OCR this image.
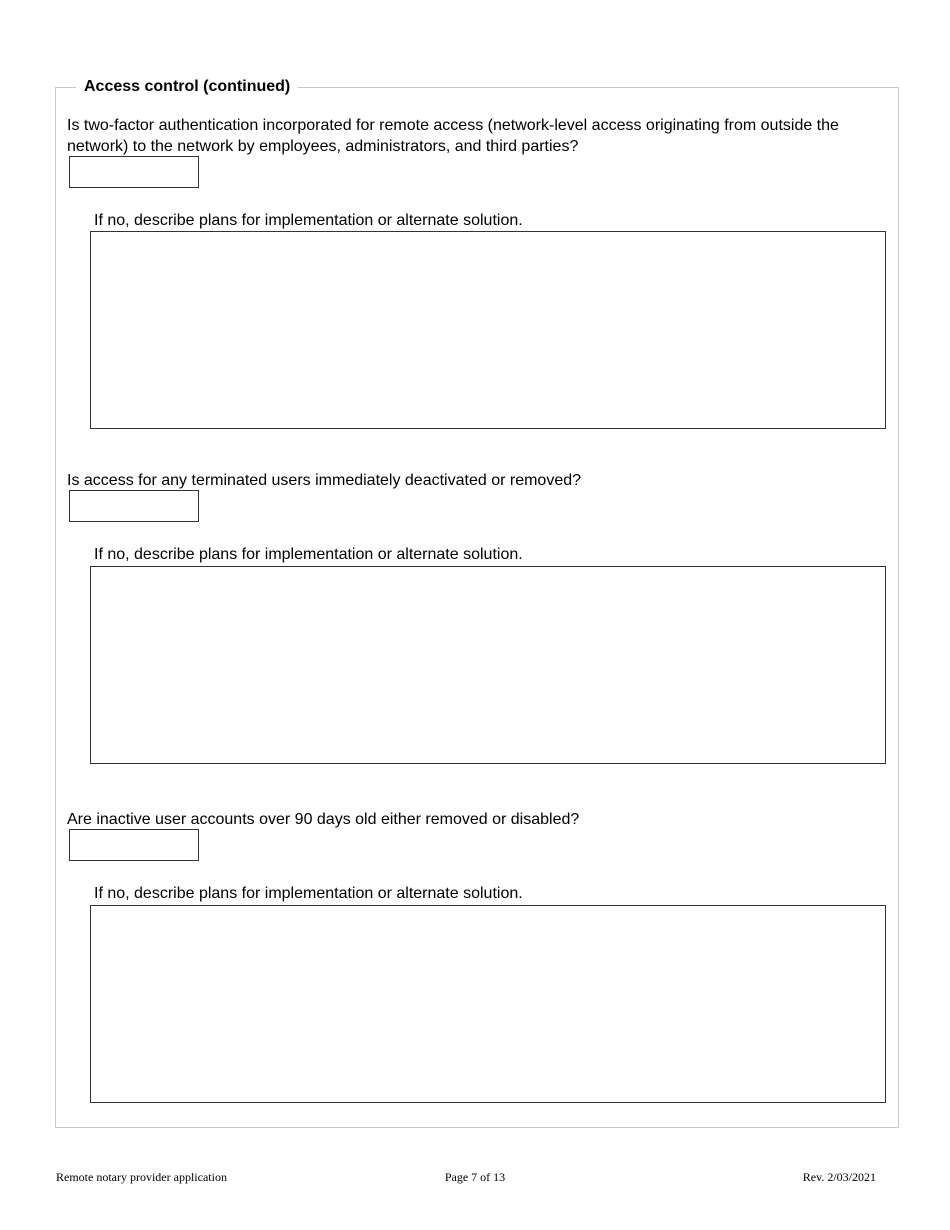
Access control (continued)
Is two-factor authentication incorporated for remote access (network-level access originating from outside the network) to the network by employees, administrators, and third parties?
If no, describe plans for implementation or alternate solution.
Is access for any terminated users immediately deactivated or removed?
If no, describe plans for implementation or alternate solution.
Are inactive user accounts over 90 days old either removed or disabled?
If no, describe plans for implementation or alternate solution.
Remote notary provider application	Page 7 of 13	Rev. 2/03/2021
